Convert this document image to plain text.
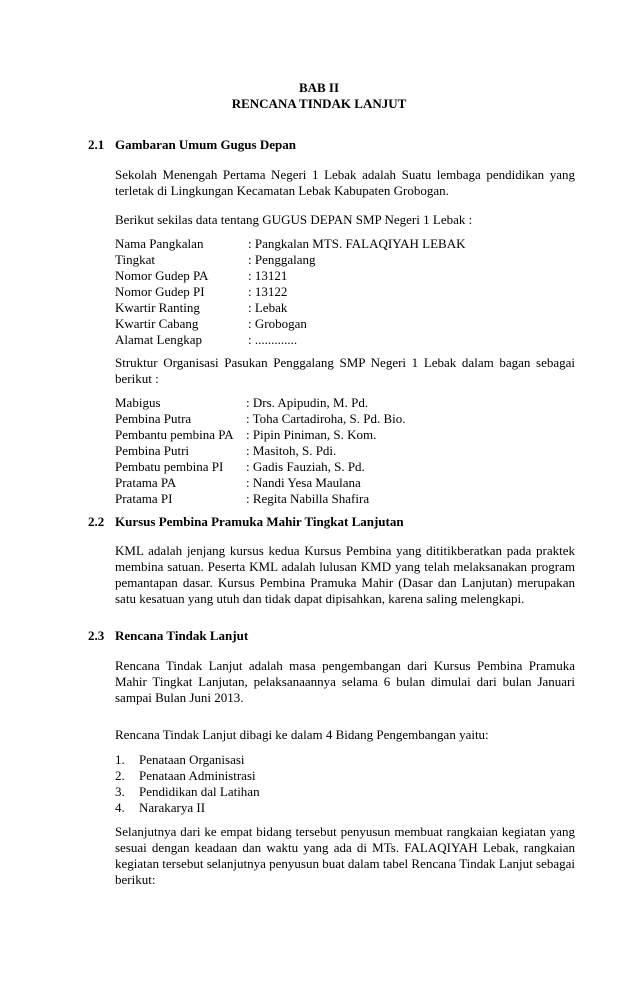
BAB II
RENCANA TINDAK LANJUT
2.1 Gambaran Umum Gugus Depan
Sekolah Menengah Pertama Negeri 1 Lebak adalah Suatu lembaga pendidikan yang terletak di Lingkungan Kecamatan Lebak Kabupaten Grobogan.
Berikut sekilas data tentang GUGUS DEPAN SMP Negeri 1 Lebak :
Nama Pangkalan	: Pangkalan MTS. FALAQIYAH LEBAK
Tingkat	: Penggalang
Nomor Gudep PA	: 13121
Nomor Gudep PI	: 13122
Kwartir Ranting	: Lebak
Kwartir Cabang	: Grobogan
Alamat Lengkap	: .............
Struktur Organisasi Pasukan Penggalang SMP Negeri 1 Lebak dalam bagan sebagai berikut :
Mabigus	: Drs. Apipudin, M. Pd.
Pembina Putra	: Toha Cartadiroha, S. Pd. Bio.
Pembantu pembina PA : Pipin Piniman, S. Kom.
Pembina Putri	: Masitoh, S. Pdi.
Pembatu pembina PI : Gadis Fauziah, S. Pd.
Pratama PA	: Nandi Yesa Maulana
Pratama PI	: Regita Nabilla Shafira
2.2 Kursus Pembina Pramuka Mahir Tingkat Lanjutan
KML adalah jenjang kursus kedua Kursus Pembina yang dititikberatkan pada praktek membina satuan. Peserta KML adalah lulusan KMD yang telah melaksanakan program pemantapan dasar. Kursus Pembina Pramuka Mahir (Dasar dan Lanjutan) merupakan satu kesatuan yang utuh dan tidak dapat dipisahkan, karena saling melengkapi.
2.3 Rencana Tindak Lanjut
Rencana Tindak Lanjut adalah masa pengembangan dari Kursus Pembina Pramuka Mahir Tingkat Lanjutan, pelaksanaannya selama 6 bulan dimulai dari bulan Januari sampai Bulan Juni 2013.
Rencana Tindak Lanjut dibagi ke dalam 4 Bidang Pengembangan yaitu:
1. Penataan Organisasi
2. Penataan Administrasi
3. Pendidikan dal Latihan
4. Narakarya II
Selanjutnya dari ke empat bidang tersebut penyusun membuat rangkaian kegiatan yang sesuai dengan keadaan dan waktu yang ada di MTs. FALAQIYAH Lebak, rangkaian kegiatan tersebut selanjutnya penyusun buat dalam tabel Rencana Tindak Lanjut sebagai berikut:
